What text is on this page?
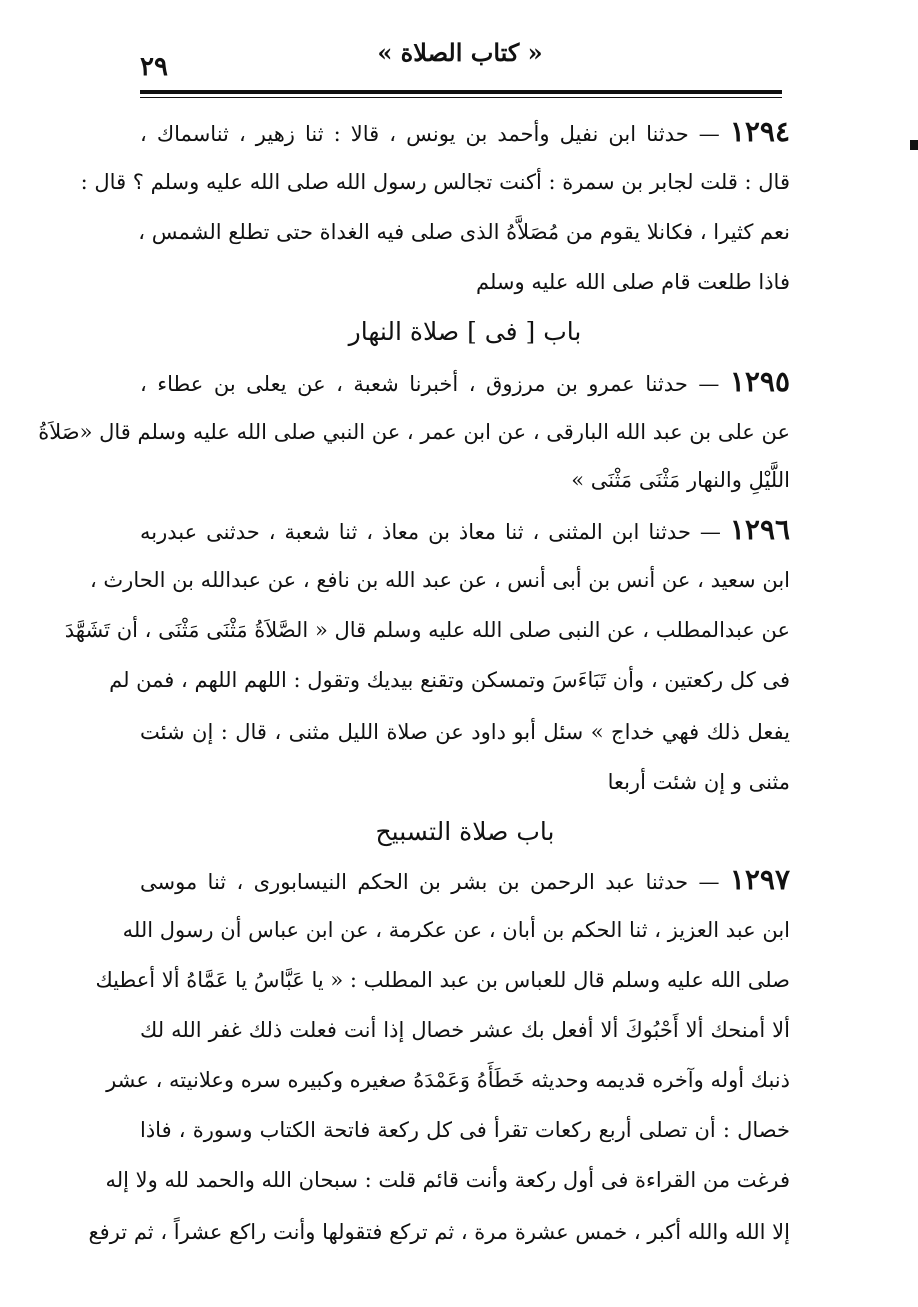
« كتاب الصلاة »
٢٩
١٢٩٤ — حدثنا ابن نفيل وأحمد بن يونس ، قالا : ثنا زهير ، ثناسماك ،
قال : قلت لجابر بن سمرة : أكنت تجالس رسول الله صلى الله عليه وسلم ؟ قال :
نعم كثيرا ، فكانلا يقوم من مُصَلاَّهُ الذى صلى فيه الغداة حتى تطلع الشمس ،
فاذا طلعت قام صلى الله عليه وسلم
باب [ فى ] صلاة النهار
١٢٩٥ — حدثنا عمرو بن مرزوق ، أخبرنا شعبة ، عن يعلى بن عطاء ،
عن على بن عبد الله البارقى ، عن ابن عمر ، عن النبي صلى الله عليه وسلم قال «صَلاَةُ
اللَّيْلِ والنهار مَثْنَى مَثْنَى »
١٢٩٦ — حدثنا ابن المثنى ، ثنا معاذ بن معاذ ، ثنا شعبة ، حدثنى عبدربه
ابن سعيد ، عن أنس بن أبى أنس ، عن عبد الله بن نافع ، عن عبدالله بن الحارث ،
عن عبدالمطلب ، عن النبى صلى الله عليه وسلم قال « الصَّلاَةُ مَثْنَى مَثْنَى ، أن تَشَهَّدَ
فى كل ركعتين ، وأن تَبَاءَسَ وتمسكن وتقنع بيديك وتقول : اللهم اللهم ، فمن لم
يفعل ذلك فهي خداج » سئل أبو داود عن صلاة الليل مثنى ، قال : إن شئت
مثنى و إن شئت أربعا
باب صلاة التسبيح
١٢٩٧ — حدثنا عبد الرحمن بن بشر بن الحكم النيسابورى ، ثنا موسى
ابن عبد العزيز ، ثنا الحكم بن أبان ، عن عكرمة ، عن ابن عباس أن رسول الله
صلى الله عليه وسلم قال للعباس بن عبد المطلب : « يا عَبَّاسُ يا عَمَّاهُ ألا أعطيك
ألا أمنحك ألا أَحْبُوكَ ألا أفعل بك عشر خصال إذا أنت فعلت ذلك غفر الله لك
ذنبك أوله وآخره قديمه وحديثه خَطَأَهُ وَعَمْدَهُ صغيره وكبيره سره وعلانيته ، عشر
خصال : أن تصلى أربع ركعات تقرأ فى كل ركعة فاتحة الكتاب وسورة ، فاذا
فرغت من القراءة فى أول ركعة وأنت قائم قلت : سبحان الله والحمد لله ولا إله
إلا الله والله أكبر ، خمس عشرة مرة ، ثم تركع فتقولها وأنت راكع عشراً ، ثم ترفع
